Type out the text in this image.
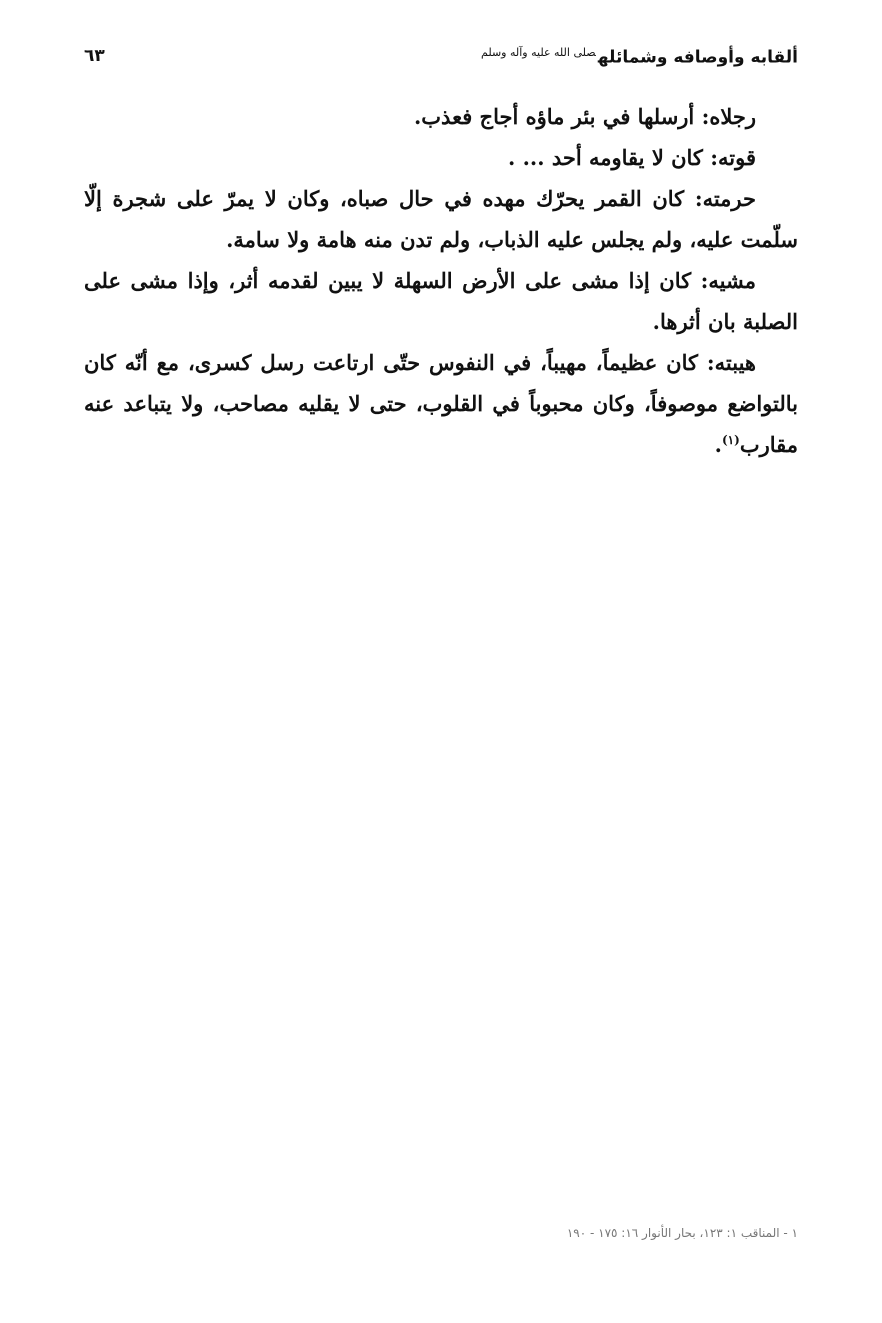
ألقابه وأوصافه وشمائله$^{صلى الله عليه وآله وسلم}$
٦٣

رجلاه: أرسلها في بئر ماؤه أجاج فعذب.

قوته: كان لا يقاومه أحد ... .

حرمته: كان القمر يحرّك مهده في حال صباه، وكان لا يمرّ على شجرة إلّا سلّمت عليه، ولم يجلس عليه الذباب، ولم تدن منه هامة ولا سامة.

مشيه: كان إذا مشى على الأرض السهلة لا يبين لقدمه أثر، وإذا مشى على الصلبة بان أثرها.

هيبته: كان عظيماً، مهيباً، في النفوس حتّى ارتاعت رسل كسرى، مع أنّه كان بالتواضع موصوفاً، وكان محبوباً في القلوب، حتى لا يقليه مصاحب، ولا يتباعد عنه مقارب$^{(١)}$.

١ - المناقب ١: ١٢٣، بحار الأنوار ١٦: ١٧٥ - ١٩٠
